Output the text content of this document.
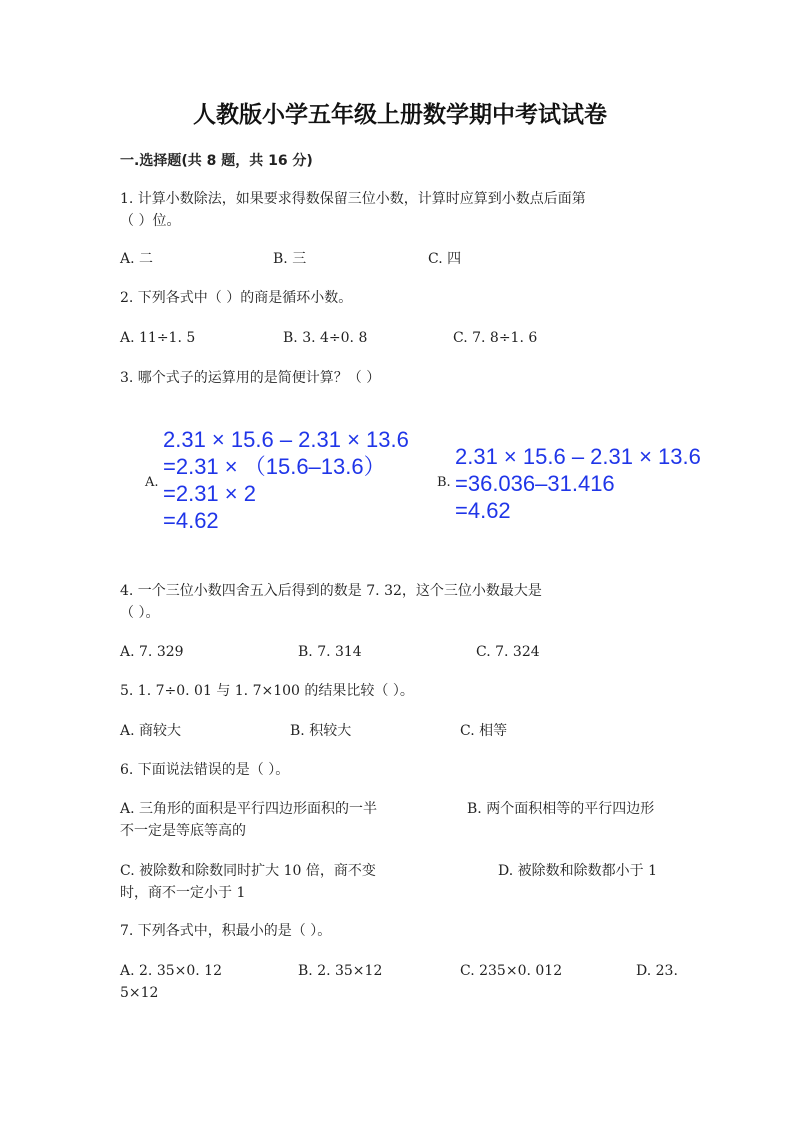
人教版小学五年级上册数学期中考试试卷
一.选择题(共 8 题，共 16 分)
1. 计算小数除法，如果要求得数保留三位小数，计算时应算到小数点后面第
（ ）位。
A. 二	B. 三	C. 四
2. 下列各式中（ ）的商是循环小数。
A. 11÷1. 5	B. 3. 4÷0. 8	C. 7. 8÷1. 6
3. 哪个式子的运算用的是简便计算？（ ）
A.
2.31 × 15.6 – 2.31 × 13.6
=2.31 × （15.6–13.6）
=2.31 × 2
=4.62
B.
2.31 × 15.6 – 2.31 × 13.6
=36.036–31.416
=4.62
4. 一个三位小数四舍五入后得到的数是 7. 32，这个三位小数最大是
（ ）。
A. 7. 329	B. 7. 314	C. 7. 324
5. 1. 7÷0. 01 与 1. 7×100 的结果比较（ ）。
A. 商较大	B. 积较大	C. 相等
6. 下面说法错误的是（ ）。
A. 三角形的面积是平行四边形面积的一半	B. 两个面积相等的平行四边形
不一定是等底等高的
C. 被除数和除数同时扩大 10 倍，商不变	D. 被除数和除数都小于 1
时，商不一定小于 1
7. 下列各式中，积最小的是（ ）。
A. 2. 35×0. 12	B. 2. 35×12	C. 235×0. 012	D. 23.
5×12
